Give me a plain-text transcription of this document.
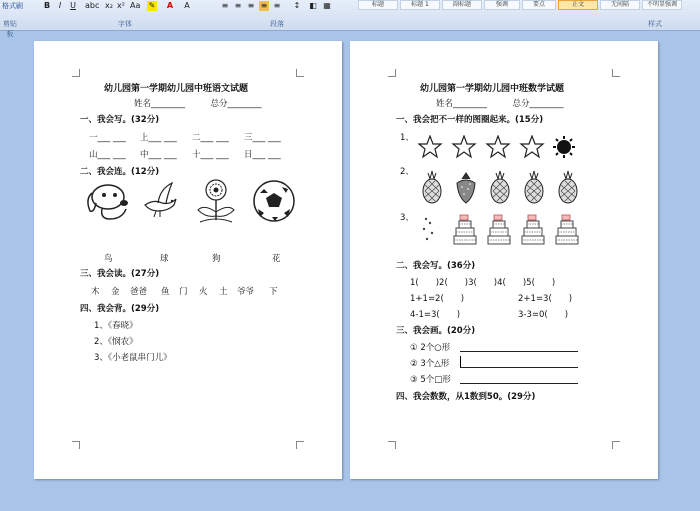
格式刷	B	I	U abc x₂ x² Aa ✎ A A	≡ ≡ ≡ ≡ ≡ ↕ ◧ ▦	标题	标题 1	副标题	强调	要点	正文	无间隔	不明显强调
剪贴板
字体	段落	样式
幼儿园第一学期幼儿园中班语文试题
姓名________　　　总分________
一、我会写。(32分)
一___ ___ 上___ ___ 二___ ___ 三___ ___
山___ ___ 中___ ___ 十___ ___ 日___ ___
二、我会连。(12分)
鸟	球	狗	花
三、我会读。(27分)
木 金 爸爸 鱼 门 火 土 爷爷 下
四、我会背。(29分)
1、《春晓》
2、《悯农》
3、《小老鼠串门儿》
幼儿园第一学期幼儿园中班数学试题
姓名________　　　总分________
一、我会把不一样的图圈起来。(15分)
1、
2、
3、
二、我会写。(36分)
1(　　)2(　　)3(　　)4(　　)5(　　)
1+1=2(　　)	2+1=3(　　)
4-1=3(　　)	3-3=0(　　)
三、我会画。(20分)
① 2个○形
② 3个△形
③ 5个□形
四、我会数数，从1数到50。(29分)
